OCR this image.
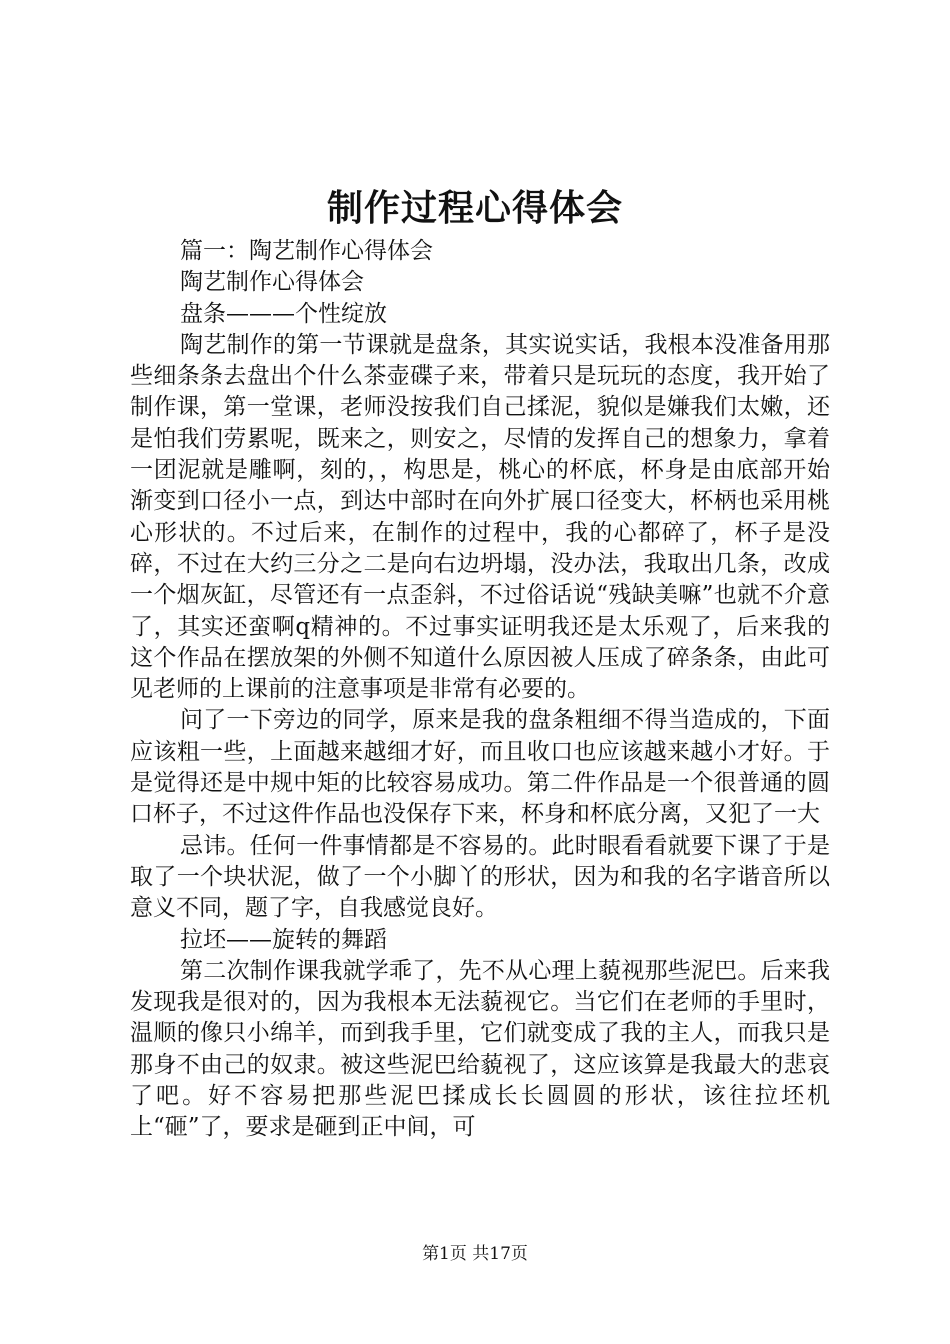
制作过程心得体会

篇一：陶艺制作心得体会

陶艺制作心得体会

盘条———个性绽放

陶艺制作的第一节课就是盘条，其实说实话，我根本没准备用那些细条条去盘出个什么茶壶碟子来，带着只是玩玩的态度，我开始了制作课，第一堂课，老师没按我们自己揉泥，貌似是嫌我们太嫩，还是怕我们劳累呢，既来之，则安之，尽情的发挥自己的想象力，拿着一团泥就是雕啊，刻的，，构思是，桃心的杯底，杯身是由底部开始渐变到口径小一点，到达中部时在向外扩展口径变大，杯柄也采用桃心形状的。不过后来，在制作的过程中，我的心都碎了，杯子是没碎，不过在大约三分之二是向右边坍塌，没办法，我取出几条，改成一个烟灰缸，尽管还有一点歪斜，不过俗话说“残缺美嘛”也就不介意了，其实还蛮啊q精神的。不过事实证明我还是太乐观了，后来我的这个作品在摆放架的外侧不知道什么原因被人压成了碎条条，由此可见老师的上课前的注意事项是非常有必要的。

问了一下旁边的同学，原来是我的盘条粗细不得当造成的，下面应该粗一些，上面越来越细才好，而且收口也应该越来越小才好。于是觉得还是中规中矩的比较容易成功。第二件作品是一个很普通的圆口杯子，不过这件作品也没保存下来，杯身和杯底分离，又犯了一大

忌讳。任何一件事情都是不容易的。此时眼看看就要下课了于是取了一个块状泥，做了一个小脚丫的形状，因为和我的名字谐音所以意义不同，题了字，自我感觉良好。

拉坯——旋转的舞蹈

第二次制作课我就学乖了，先不从心理上藐视那些泥巴。后来我发现我是很对的，因为我根本无法藐视它。当它们在老师的手里时，温顺的像只小绵羊，而到我手里，它们就变成了我的主人，而我只是那身不由己的奴隶。被这些泥巴给藐视了，这应该算是我最大的悲哀了吧。好不容易把那些泥巴揉成长长圆圆的形状，该往拉坯机上“砸”了，要求是砸到正中间，可

第1页 共17页
